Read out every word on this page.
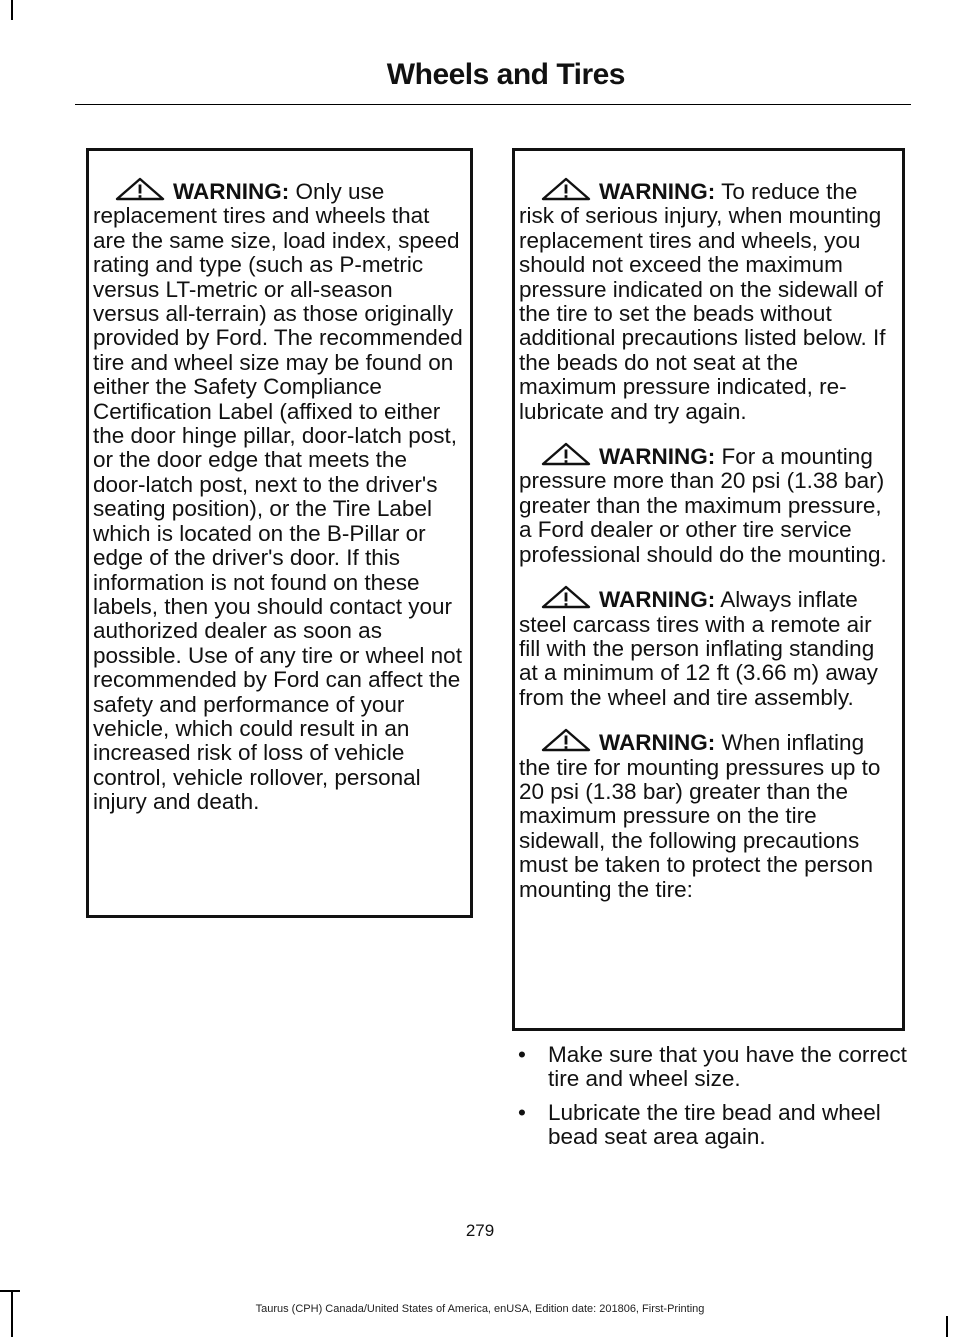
Wheels and Tires

WARNING: Only use replacement tires and wheels that are the same size, load index, speed rating and type (such as P-metric versus LT-metric or all-season versus all-terrain) as those originally provided by Ford. The recommended tire and wheel size may be found on either the Safety Compliance Certification Label (affixed to either the door hinge pillar, door-latch post, or the door edge that meets the door-latch post, next to the driver's seating position), or the Tire Label which is located on the B-Pillar or edge of the driver's door. If this information is not found on these labels, then you should contact your authorized dealer as soon as possible. Use of any tire or wheel not recommended by Ford can affect the safety and performance of your vehicle, which could result in an increased risk of loss of vehicle control, vehicle rollover, personal injury and death.

WARNING: To reduce the risk of serious injury, when mounting replacement tires and wheels, you should not exceed the maximum pressure indicated on the sidewall of the tire to set the beads without additional precautions listed below. If the beads do not seat at the maximum pressure indicated, re-lubricate and try again.

WARNING: For a mounting pressure more than 20 psi (1.38 bar) greater than the maximum pressure, a Ford dealer or other tire service professional should do the mounting.

WARNING: Always inflate steel carcass tires with a remote air fill with the person inflating standing at a minimum of 12 ft (3.66 m) away from the wheel and tire assembly.

WARNING: When inflating the tire for mounting pressures up to 20 psi (1.38 bar) greater than the maximum pressure on the tire sidewall, the following precautions must be taken to protect the person mounting the tire:

• Make sure that you have the correct tire and wheel size.
• Lubricate the tire bead and wheel bead seat area again.
279
Taurus (CPH) Canada/United States of America, enUSA, Edition date: 201806, First-Printing
